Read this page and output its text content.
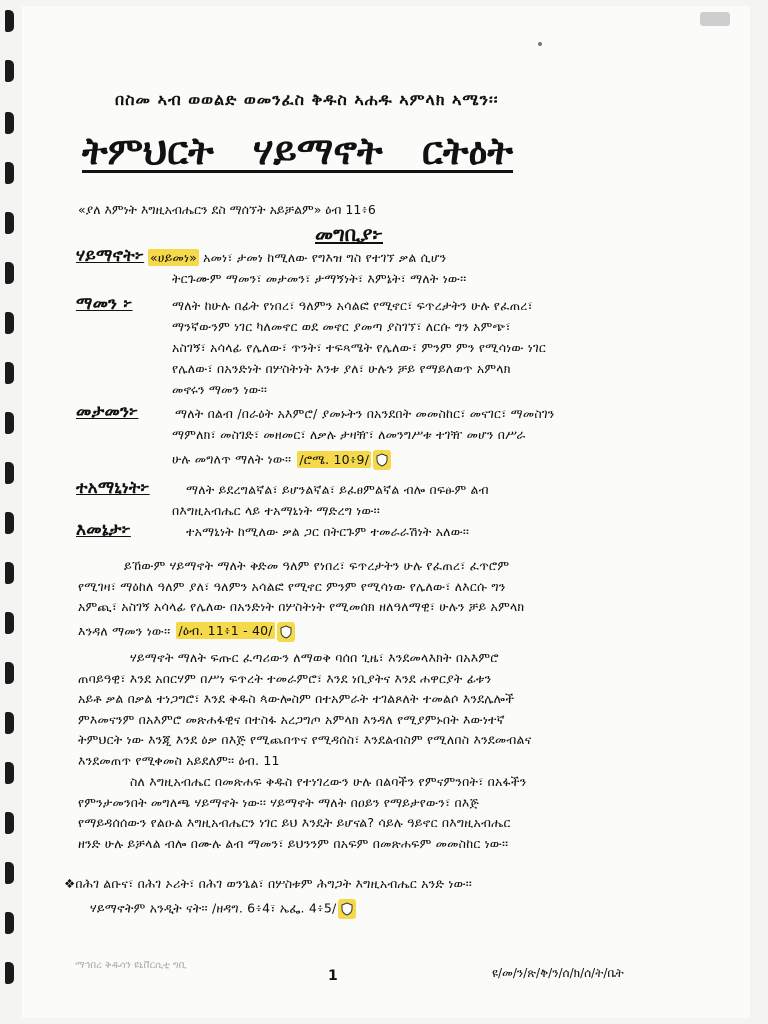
በስመ ኣብ ወወልድ ወመንፈስ ቅዱስ ኣሐዱ ኣምላክ ኣሜን፡፡
ትምህርት ሃይማኖት ርትዕት
«ያለ እምነት እግዚአብሔርን ደስ ማሰኘት አይቻልም» ዕብ 11፥6
መግቢያ፦
ሃይማኖት፦ «ሀይመነ» አመነ፣ ታመነ ከሚለው የግእዝ ግስ የተገኘ ቃል ሲሆን
ትርጉሙም ማመን፣ መታመን፣ ታማኝነት፣ እምኔት፣ ማለት ነው፡፡
ማመን ፦	ማለት ከሁሉ በፊት የነበረ፣ ዓለምን አሳልፎ የሚኖር፣ ፍጥረታትን ሁሉ የፈጠረ፣
ማንኛውንም ነገር ካለመኖር ወደ መኖር ያመጣ ያስገኘ፣ ለርሱ ግን አምጭ፣
አስገኝ፣ አሳላፊ የሌለው፣ ጥንት፣ ተፍጻሜት የሌለው፣ ምንም ምን የሚሳነው ነገር
የሌለው፣ በአንድነት በሦስትነት እንቱ ያለ፣ ሁሉን ቻይ የማይለወጥ አምላክ
መኖሩን ማመን ነው፡፡
መታመን፦	ማለት በልብ /በራዕት አእምሮ/ ያመኑትን በአንደበት መመስከር፣ መናገር፣ ማመስገን
ማምለክ፣ መስገድ፣ መዘመር፣ ለቃሉ ታዛዥ፣ ለመንግሥቱ ተገዥ መሆን በሥራ
ሁሉ መግለጥ ማለት ነው፡፡ /ሮሜ. 10፥9/
ተአማኒነት፦	ማለት ይደረግልኛል፣ ይሆንልኛል፣ ይፈፀምልኛል ብሎ በፍፁም ልብ
በእግዚአብሔር ላይ ተአማኒነት ማድረግ ነው፡፡
እመኔታ፦	ተአማኒነት ከሚለው ቃል ጋር በትርጉም ተመራራሽነት አለው፡፡
ይኸውም ሃይማኖት ማለት ቅድመ ዓለም የነበረ፣ ፍጥረታትን ሁሉ የፈጠረ፣ ፈጥሮም
የሚገዛ፣ ማዕከለ ዓለም ያለ፣ ዓለምን አሳልፎ የሚኖር ምንም የሚሳነው የሌለው፣ ለእርሱ ግን
አምጪ፣ አስገኝ አሳላፊ የሌለው በአንድነት በሦስትነት የሚመሰክ ዘለዓለማዊ፣ ሁሉን ቻይ አምላክ
እንዳለ ማመን ነው፡፡ /ዕብ. 11፥1 - 40/
ሃይማኖት ማለት ፍጡር ፈጣሪውን ለማወቅ ባሰበ ጊዜ፣ እንደመላእክት በአእምሮ
ጠባይዓዊ፣ እንደ አበርሃም በሥነ ፍጥረት ተመራምሮ፣ እንደ ነቢያትና እንደ ሐዋርያት ፊቱን
አይቶ ቃል በቃል ተነጋግሮ፣ እንደ ቅዱስ ጳውሎስም በተአምራት ተገልጾለት ተመልሶ እንደሌሎች
ምእመናንም በአእምሮ መጽሐፋዊና በተስፋ አረጋግጦ አምላክ እንዳለ የሚያምኑበት እውነተኛ
ትምህርት ነው እንጂ እንደ ዕቃ በእጅ የሚጨበጥና የሚዳሰስ፣ እንደልብስም የሚለበስ እንደመብልና
እንደመጠጥ የሚቀመስ አይደለም፡፡ ዕብ. 11
ስለ እግዚአብሔር በመጽሐፍ ቅዱስ የተነገረውን ሁሉ በልባችን የምናምንበት፣ በአፋችን
የምንታመንበት መግለጫ ሃይማኖት ነው፡፡ ሃይማኖት ማለት በዐይን የማይታየውን፣ በእጅ
የማይዳሰሰውን የልዑል እግዚአብሔርን ነገር ይህ እንዴት ይሆናል? ሳይሉ ዓይኖር በእግዚአብሔር
ዘንድ ሁሉ ይቻላል ብሎ በሙሉ ልብ ማመን፣ ይህንንም በአፍም በመጽሐፍም መመስከር ነው፡፡
❖በሕገ ልቡና፣ በሕገ ኦሪት፣ በሕገ ወንጌል፣ በሦስቱም ሕግጋት እግዚአብሔር አንድ ነው፡፡
ሃይማኖትም አንዲት ናት፡፡ /ዘዳግ. 6፥4፣ ኤፌ. 4፥5/
ማኅበረ ቅዱሳን ዩኒቨርሲቲ ግቢ
1	ዩ/መ/ን/ጽ/ቅ/ን/ሰ/ክ/ሰ/ት/ቤት
